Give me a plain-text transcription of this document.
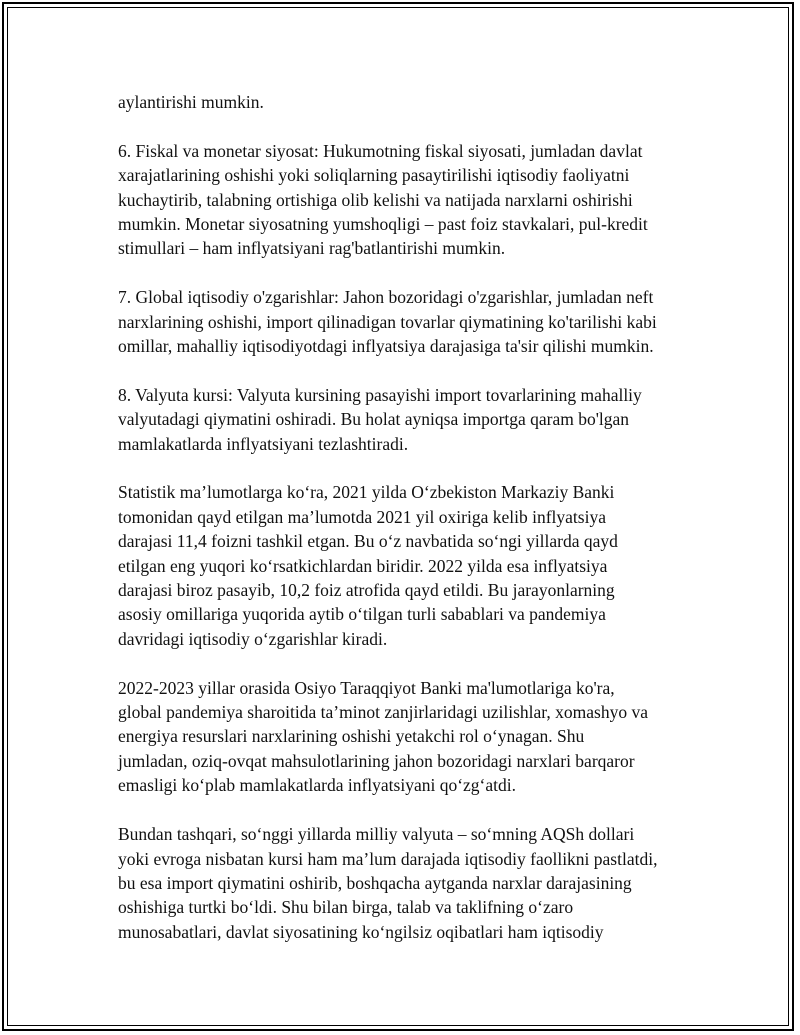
aylantirishi mumkin.

6. Fiskal va monetar siyosat: Hukumotning fiskal siyosati, jumladan davlat
xarajatlarining oshishi yoki soliqlarning pasaytirilishi iqtisodiy faoliyatni
kuchaytirib, talabning ortishiga olib kelishi va natijada narxlarni oshirishi
mumkin. Monetar siyosatning yumshoqligi – past foiz stavkalari, pul-kredit
stimullari – ham inflyatsiyani rag'batlantirishi mumkin.

7. Global iqtisodiy o'zgarishlar: Jahon bozoridagi o'zgarishlar, jumladan neft
narxlarining oshishi, import qilinadigan tovarlar qiymatining ko'tarilishi kabi
omillar, mahalliy iqtisodiyotdagi inflyatsiya darajasiga ta'sir qilishi mumkin.

8. Valyuta kursi: Valyuta kursining pasayishi import tovarlarining mahalliy
valyutadagi qiymatini oshiradi. Bu holat ayniqsa importga qaram bo'lgan
mamlakatlarda inflyatsiyani tezlashtiradi.

Statistik ma’lumotlarga ko‘ra, 2021 yilda O‘zbekiston Markaziy Banki
tomonidan qayd etilgan ma’lumotda 2021 yil oxiriga kelib inflyatsiya
darajasi 11,4 foizni tashkil etgan. Bu o‘z navbatida so‘ngi yillarda qayd
etilgan eng yuqori ko‘rsatkichlardan biridir. 2022 yilda esa inflyatsiya
darajasi biroz pasayib, 10,2 foiz atrofida qayd etildi. Bu jarayonlarning
asosiy omillariga yuqorida aytib o‘tilgan turli sabablari va pandemiya
davridagi iqtisodiy o‘zgarishlar kiradi.

2022-2023 yillar orasida Osiyo Taraqqiyot Banki ma'lumotlariga ko'ra,
global pandemiya sharoitida ta’minot zanjirlaridagi uzilishlar, xomashyo va
energiya resurslari narxlarining oshishi yetakchi rol o‘ynagan. Shu
jumladan, oziq-ovqat mahsulotlarining jahon bozoridagi narxlari barqaror
emasligi ko‘plab mamlakatlarda inflyatsiyani qo‘zg‘atdi.

Bundan tashqari, so‘nggi yillarda milliy valyuta – so‘mning AQSh dollari
yoki evroga nisbatan kursi ham ma’lum darajada iqtisodiy faollikni pastlatdi,
bu esa import qiymatini oshirib, boshqacha aytganda narxlar darajasining
oshishiga turtki bo‘ldi. Shu bilan birga, talab va taklifning o‘zaro
munosabatlari, davlat siyosatining ko‘ngilsiz oqibatlari ham iqtisodiy
